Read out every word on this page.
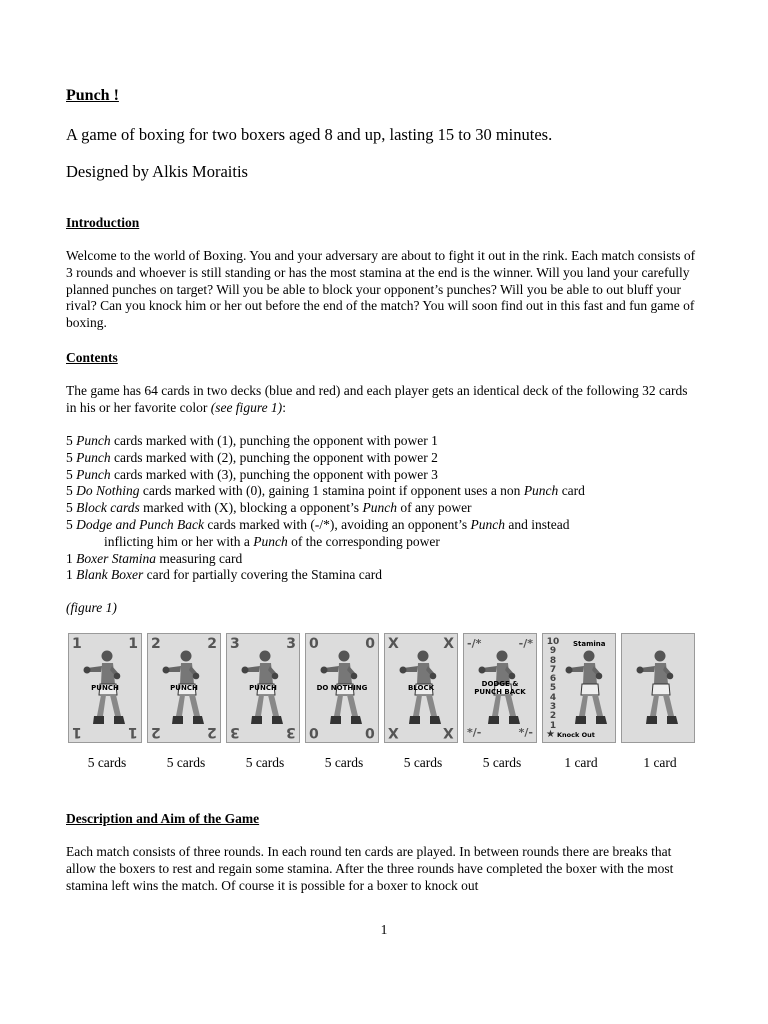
Punch !
A game of boxing for two boxers aged 8 and up, lasting 15 to 30 minutes.
Designed by Alkis Moraitis
Introduction
Welcome to the world of Boxing. You and your adversary are about to fight it out in the rink. Each match consists of 3 rounds and whoever is still standing or has the most stamina at the end is the winner. Will you land your carefully planned punches on target? Will you be able to block your opponent’s punches? Will you be able to out bluff your rival? Can you knock him or her out before the end of the match? You will soon find out in this fast and fun game of boxing.
Contents
The game has 64 cards in two decks (blue and red) and each player gets an identical deck of the following 32 cards in his or her favorite color (see figure 1):
5 Punch cards marked with (1), punching the opponent with power 1
5 Punch cards marked with (2), punching the opponent with power 2
5 Punch cards marked with (3), punching the opponent with power 3
5 Do Nothing cards marked with (0), gaining 1 stamina point if opponent uses a non Punch card
5 Block cards marked with (X), blocking a opponent’s Punch of any power
5 Dodge and Punch Back cards marked with (-/*), avoiding an opponent’s Punch and instead
inflicting him or her with a Punch of the corresponding power
1 Boxer Stamina measuring card
1 Blank Boxer card for partially covering the Stamina card
(figure 1)
Description and Aim of the Game
Each match consists of three rounds. In each round ten cards are played. In between rounds there are breaks that allow the boxers to rest and regain some stamina. After the three rounds have completed the boxer with the most stamina left wins the match. Of course it is possible for a boxer to knock out
1	1
PUNCH
1	1
2	2
PUNCH
2	2
3	3
PUNCH
3	3
0	0
DO NOTHING
0	0
X	X
BLOCK
X	X
-/*	-/*
DODGE & PUNCH BACK
*/-	*/-
10
9
8
7
6
5
4
3
2
1
Stamina
★ Knock Out
5 cards	5 cards	5 cards	5 cards	5 cards	5 cards	1 card	1 card
1
